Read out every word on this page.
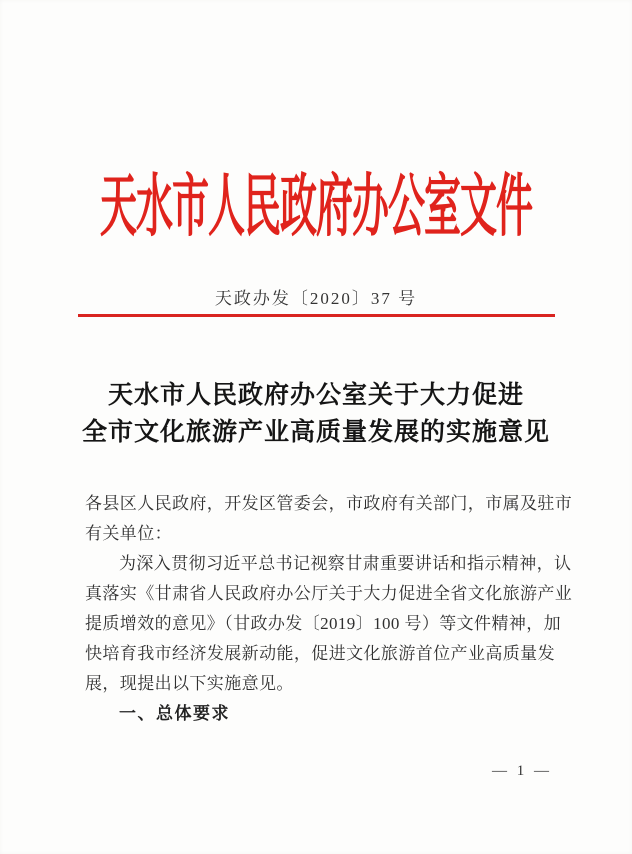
天水市人民政府办公室文件
天政办发〔2020〕37 号
天水市人民政府办公室关于大力促进
全市文化旅游产业高质量发展的实施意见
各县区人民政府，开发区管委会，市政府有关部门，市属及驻市
有关单位：
为深入贯彻习近平总书记视察甘肃重要讲话和指示精神，认
真落实《甘肃省人民政府办公厅关于大力促进全省文化旅游产业
提质增效的意见》（甘政办发〔2019〕100 号）等文件精神，加
快培育我市经济发展新动能，促进文化旅游首位产业高质量发
展，现提出以下实施意见。
一、总体要求
— 1 —
